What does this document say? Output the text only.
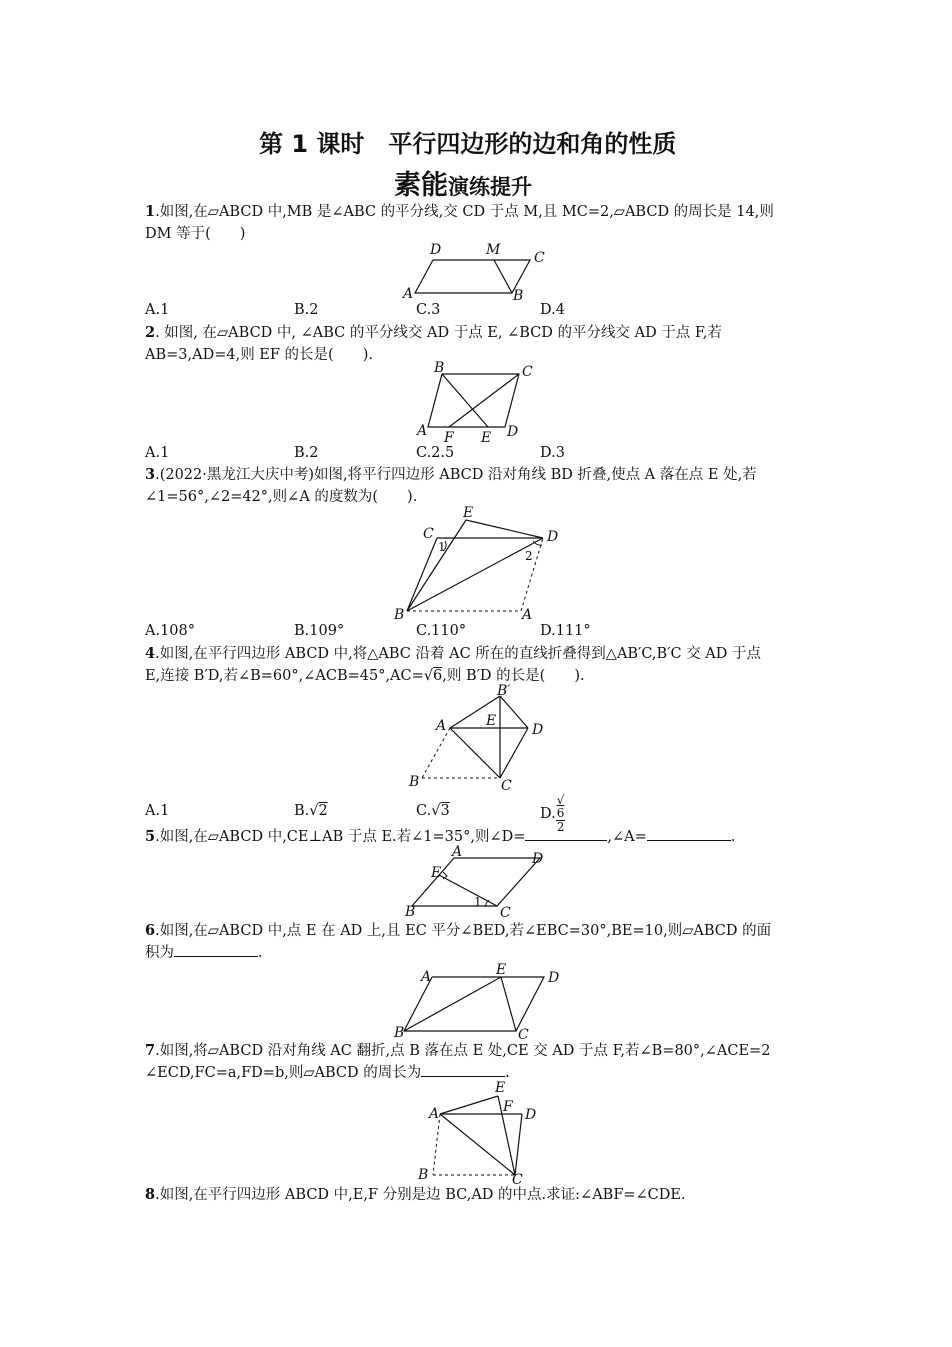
第 1 课时　平行四边形的边和角的性质
素能演练提升
1.如图,在▱ABCD 中,MB 是∠ABC 的平分线,交 CD 于点 M,且 MC=2,▱ABCD 的周长是 14,则
DM 等于(　　)
D	M C
A	B
A.1	B.2	C.3	D.4
2. 如图, 在▱ABCD 中, ∠ABC 的平分线交 AD 于点 E, ∠BCD 的平分线交 AD 于点 F,若
AB=3,AD=4,则 EF 的长是(　　).
B	C
A F E D
A.1	B.2	C.2.5	D.3
3.(2022·黑龙江大庆中考)如图,将平行四边形 ABCD 沿对角线 BD 折叠,使点 A 落在点 E 处,若
∠1=56°,∠2=42°,则∠A 的度数为(　　).
E
C	D
1
2
B	A
A.108°	B.109°	C.110°	D.111°
4.如图,在平行四边形 ABCD 中,将△ABC 沿着 AC 所在的直线折叠得到△AB′C,B′C 交 AD 于点
E,连接 B′D,若∠B=60°,∠ACB=45°,AC=√6,则 B′D 的长是(　　).
B′
A	E
D
B	C
A.1	B.√2	C.√3	D. √
6
2
5.如图,在▱ABCD 中,CE⊥AB 于点 E.若∠1=35°,则∠D=	,∠A=	.
A	D
E
1
B	C
6.如图,在▱ABCD 中,点 E 在 AD 上,且 EC 平分∠BED,若∠EBC=30°,BE=10,则▱ABCD 的面
积为	.
A	E	D
B	C
7.如图,将▱ABCD 沿对角线 AC 翻折,点 B 落在点 E 处,CE 交 AD 于点 F,若∠B=80°,∠ACE=2
∠ECD,FC=a,FD=b,则▱ABCD 的周长为	.
E
A	F D
B	C
8.如图,在平行四边形 ABCD 中,E,F 分别是边 BC,AD 的中点.求证:∠ABF=∠CDE.
